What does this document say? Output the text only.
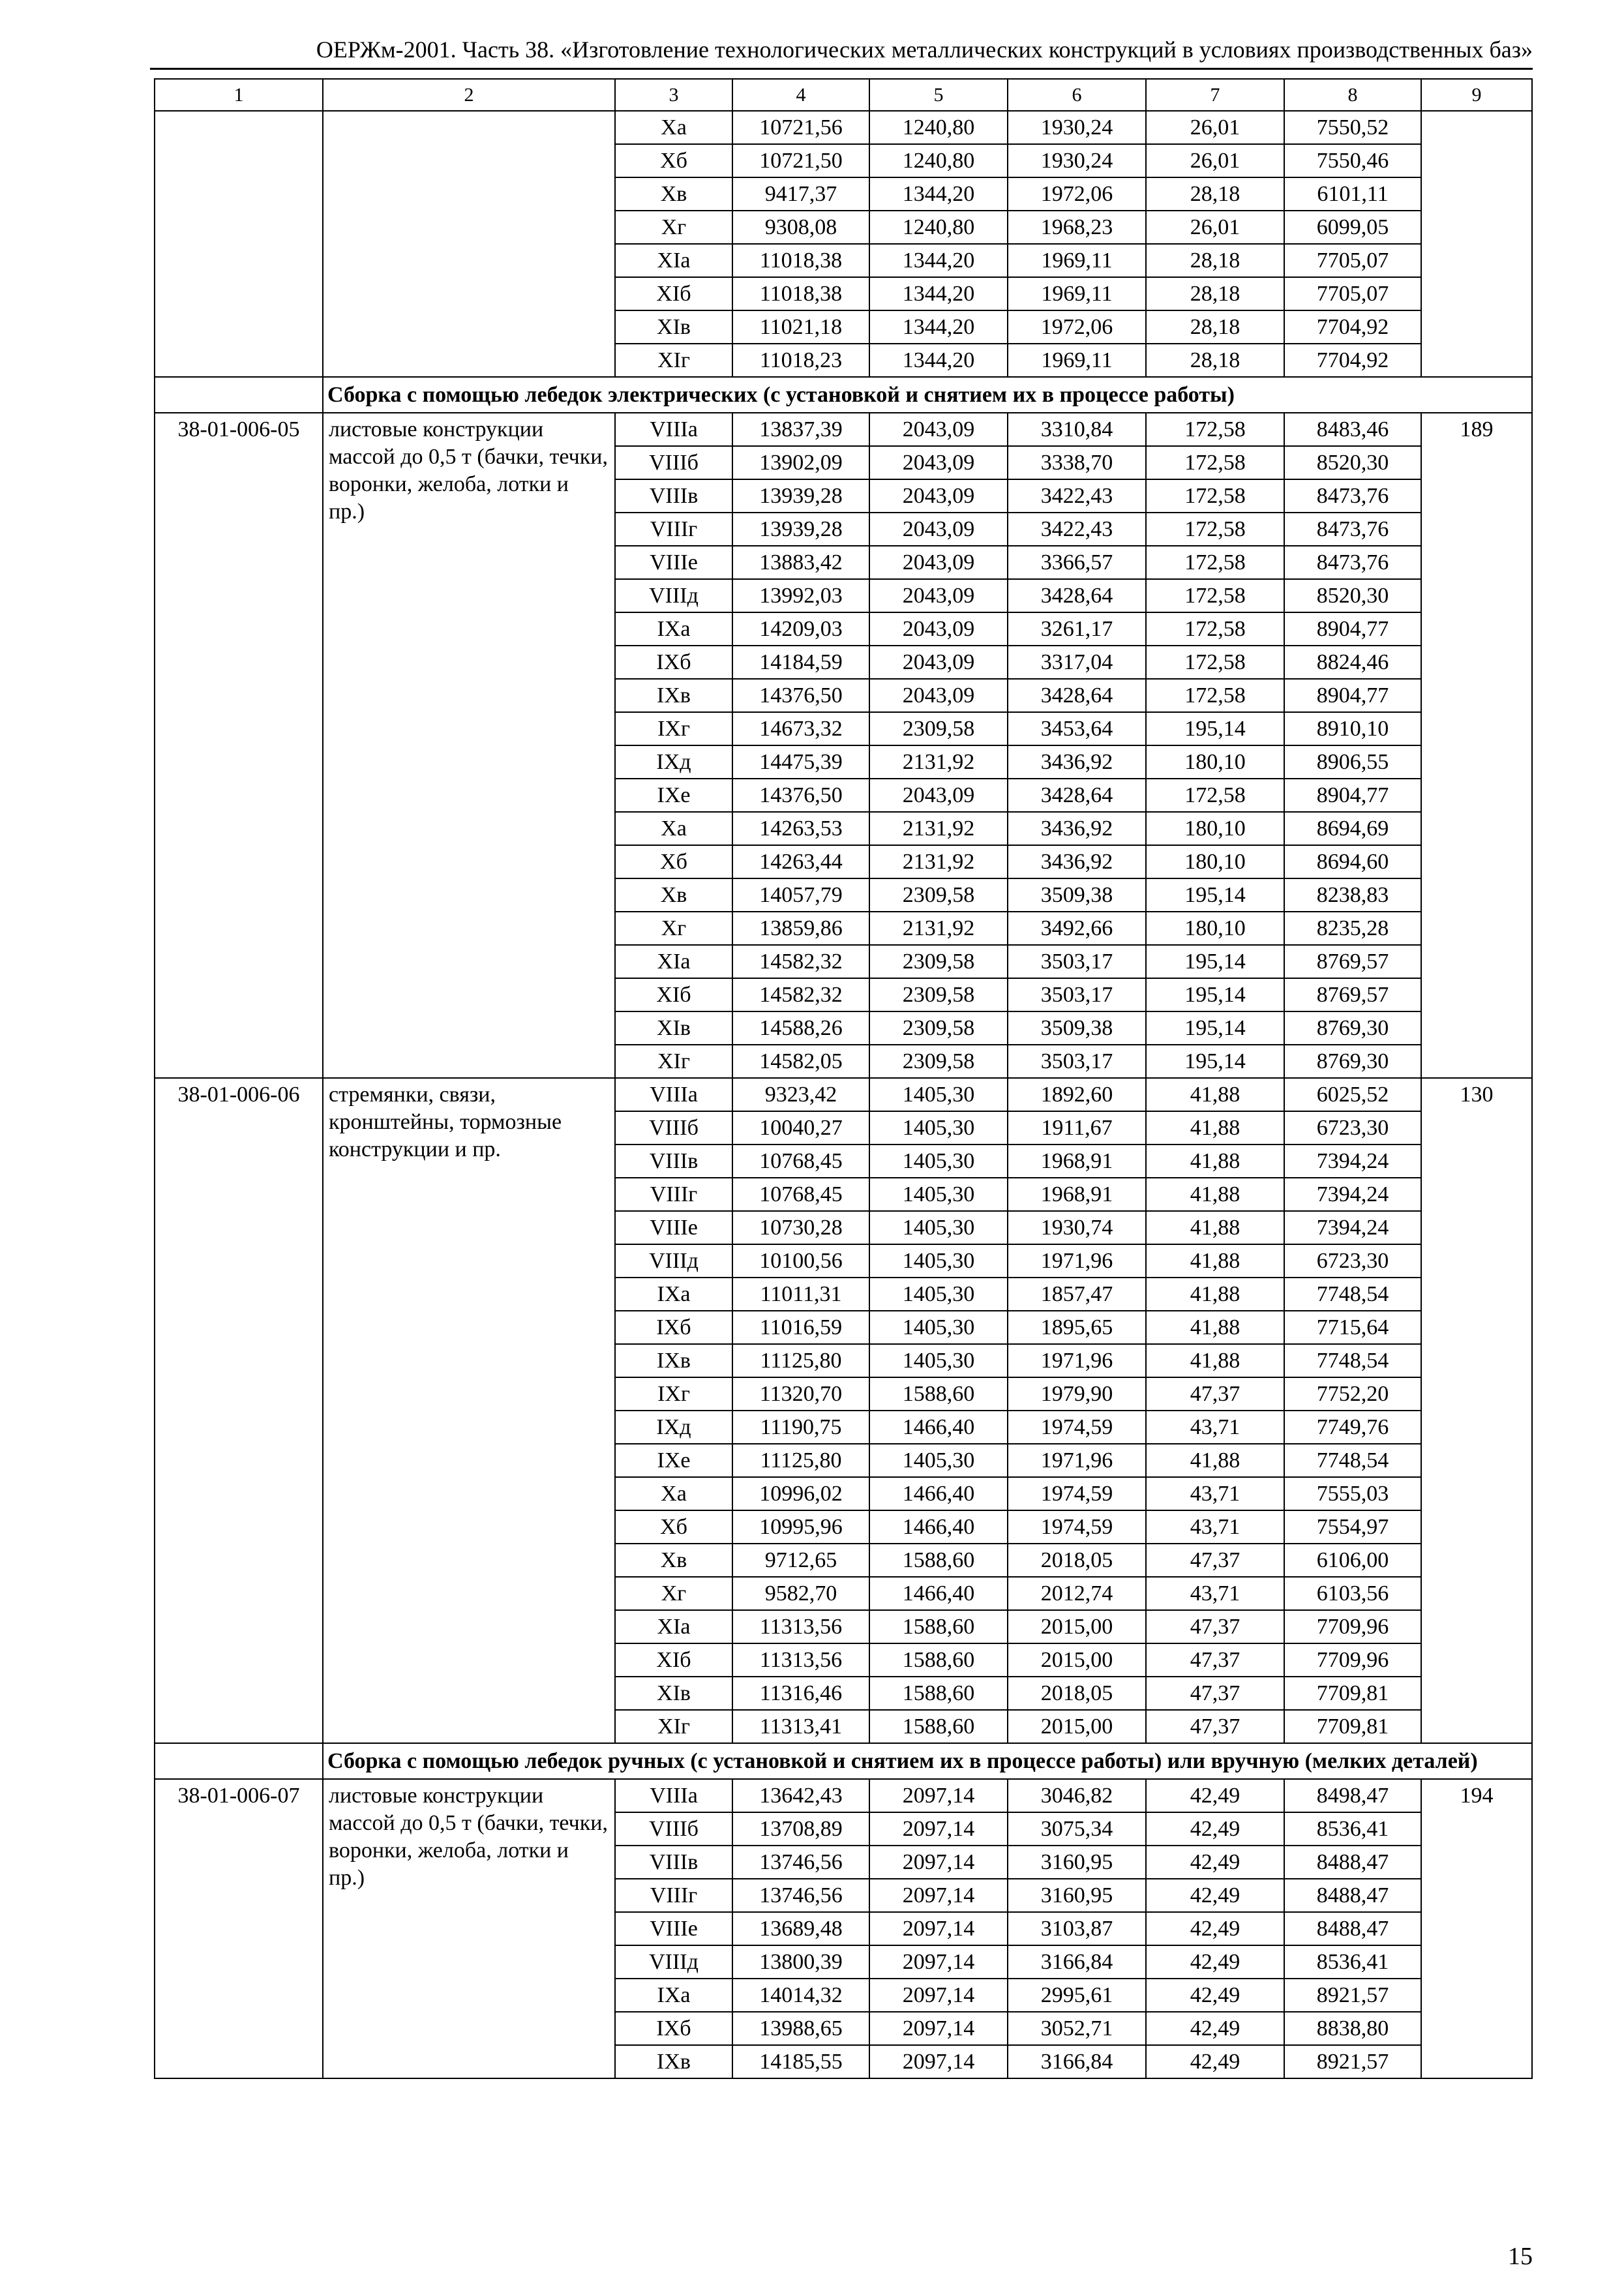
ОЕРЖм-2001. Часть 38. «Изготовление технологических металлических конструкций в условиях производственных баз»
1	2	3	4	5	6	7	8	9
		Xа	10721,56	1240,80	1930,24	26,01	7550,52	
		Xб	10721,50	1240,80	1930,24	26,01	7550,46	
		Xв	9417,37	1344,20	1972,06	28,18	6101,11	
		Xг	9308,08	1240,80	1968,23	26,01	6099,05	
		XIа	11018,38	1344,20	1969,11	28,18	7705,07	
		XIб	11018,38	1344,20	1969,11	28,18	7705,07	
		XIв	11021,18	1344,20	1972,06	28,18	7704,92	
		XIг	11018,23	1344,20	1969,11	28,18	7704,92	
	Сборка с помощью лебедок электрических (с установкой и снятием их в процессе работы)							
38-01-006-05	листовые конструкции массой до 0,5 т (бачки, течки, воронки, желоба, лотки и пр.)	VIIIа	13837,39	2043,09	3310,84	172,58	8483,46	189
		VIIIб	13902,09	2043,09	3338,70	172,58	8520,30	
		VIIIв	13939,28	2043,09	3422,43	172,58	8473,76	
		VIIIг	13939,28	2043,09	3422,43	172,58	8473,76	
		VIIIе	13883,42	2043,09	3366,57	172,58	8473,76	
		VIIIд	13992,03	2043,09	3428,64	172,58	8520,30	
		IXа	14209,03	2043,09	3261,17	172,58	8904,77	
		IXб	14184,59	2043,09	3317,04	172,58	8824,46	
		IXв	14376,50	2043,09	3428,64	172,58	8904,77	
		IXг	14673,32	2309,58	3453,64	195,14	8910,10	
		IXд	14475,39	2131,92	3436,92	180,10	8906,55	
		IXе	14376,50	2043,09	3428,64	172,58	8904,77	
		Xа	14263,53	2131,92	3436,92	180,10	8694,69	
		Xб	14263,44	2131,92	3436,92	180,10	8694,60	
		Xв	14057,79	2309,58	3509,38	195,14	8238,83	
		Xг	13859,86	2131,92	3492,66	180,10	8235,28	
		XIа	14582,32	2309,58	3503,17	195,14	8769,57	
		XIб	14582,32	2309,58	3503,17	195,14	8769,57	
		XIв	14588,26	2309,58	3509,38	195,14	8769,30	
		XIг	14582,05	2309,58	3503,17	195,14	8769,30	
38-01-006-06	стремянки, связи, кронштейны, тормозные конструкции и пр.	VIIIа	9323,42	1405,30	1892,60	41,88	6025,52	130
		VIIIб	10040,27	1405,30	1911,67	41,88	6723,30	
		VIIIв	10768,45	1405,30	1968,91	41,88	7394,24	
		VIIIг	10768,45	1405,30	1968,91	41,88	7394,24	
		VIIIе	10730,28	1405,30	1930,74	41,88	7394,24	
		VIIIд	10100,56	1405,30	1971,96	41,88	6723,30	
		IXа	11011,31	1405,30	1857,47	41,88	7748,54	
		IXб	11016,59	1405,30	1895,65	41,88	7715,64	
		IXв	11125,80	1405,30	1971,96	41,88	7748,54	
		IXг	11320,70	1588,60	1979,90	47,37	7752,20	
		IXд	11190,75	1466,40	1974,59	43,71	7749,76	
		IXе	11125,80	1405,30	1971,96	41,88	7748,54	
		Xа	10996,02	1466,40	1974,59	43,71	7555,03	
		Xб	10995,96	1466,40	1974,59	43,71	7554,97	
		Xв	9712,65	1588,60	2018,05	47,37	6106,00	
		Xг	9582,70	1466,40	2012,74	43,71	6103,56	
		XIа	11313,56	1588,60	2015,00	47,37	7709,96	
		XIб	11313,56	1588,60	2015,00	47,37	7709,96	
		XIв	11316,46	1588,60	2018,05	47,37	7709,81	
		XIг	11313,41	1588,60	2015,00	47,37	7709,81	
	Сборка с помощью лебедок ручных (с установкой и снятием их в процессе работы) или вручную (мелких деталей)							
38-01-006-07	листовые конструкции массой до 0,5 т (бачки, течки, воронки, желоба, лотки и пр.)	VIIIа	13642,43	2097,14	3046,82	42,49	8498,47	194
		VIIIб	13708,89	2097,14	3075,34	42,49	8536,41	
		VIIIв	13746,56	2097,14	3160,95	42,49	8488,47	
		VIIIг	13746,56	2097,14	3160,95	42,49	8488,47	
		VIIIе	13689,48	2097,14	3103,87	42,49	8488,47	
		VIIIд	13800,39	2097,14	3166,84	42,49	8536,41	
		IXа	14014,32	2097,14	2995,61	42,49	8921,57	
		IXб	13988,65	2097,14	3052,71	42,49	8838,80	
		IXв	14185,55	2097,14	3166,84	42,49	8921,57	
15
